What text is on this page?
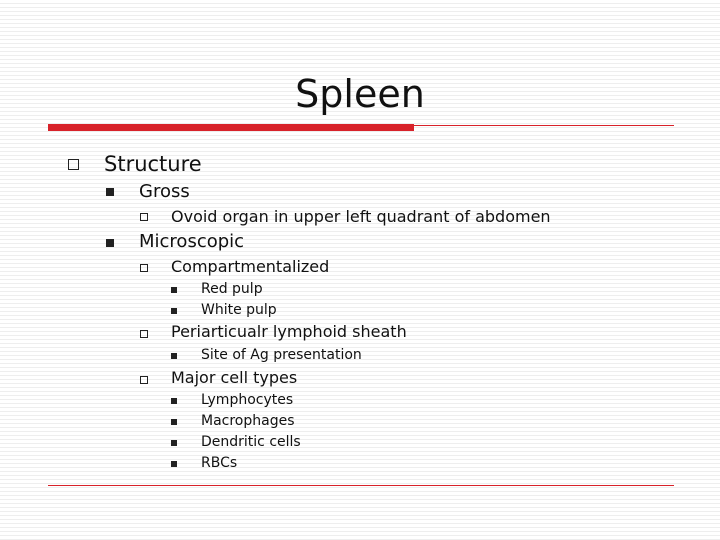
Spleen
Structure
Gross
Ovoid organ in upper left quadrant of abdomen
Microscopic
Compartmentalized
Red pulp
White pulp
Periarticualr lymphoid sheath
Site of Ag presentation
Major cell types
Lymphocytes
Macrophages
Dendritic cells
RBCs
